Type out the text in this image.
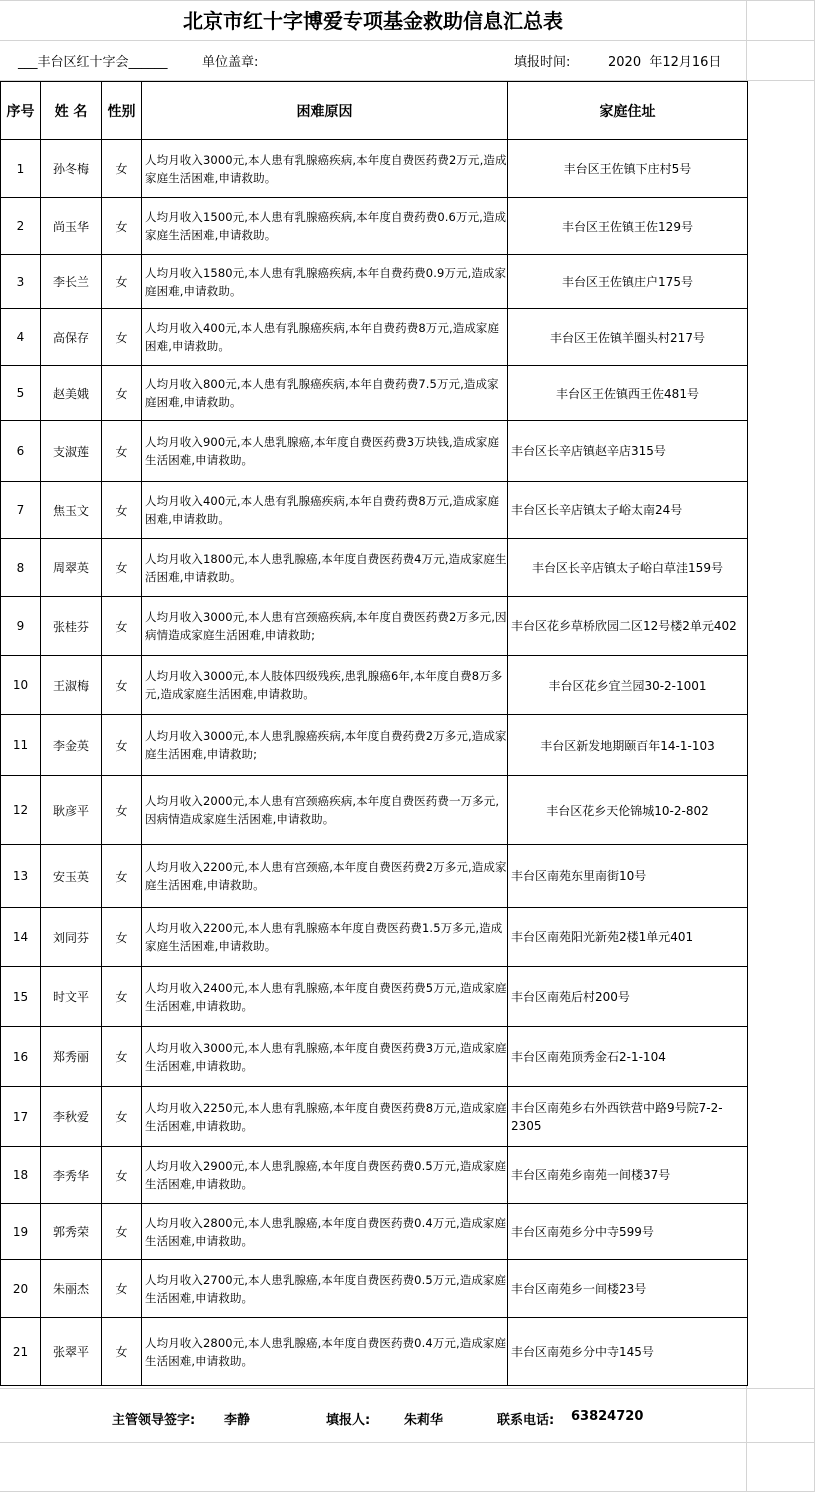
北京市红十字博爱专项基金救助信息汇总表
___丰台区红十字会______	单位盖章:	填报时间:	2020  年12月16日
序号	姓 名	性别	困难原因	家庭住址
1	孙冬梅	女	人均月收入3000元,本人患有乳腺癌疾病,本年度自费医药费2万元,造成家庭生活困难,申请救助。	丰台区王佐镇下庄村5号
2	尚玉华	女	人均月收入1500元,本人患有乳腺癌疾病,本年度自费药费0.6万元,造成家庭生活困难,申请救助。	丰台区王佐镇王佐129号
3	李长兰	女	人均月收入1580元,本人患有乳腺癌疾病,本年自费药费0.9万元,造成家庭困难,申请救助。	丰台区王佐镇庄户175号
4	高保存	女	人均月收入400元,本人患有乳腺癌疾病,本年自费药费8万元,造成家庭困难,申请救助。	丰台区王佐镇羊圈头村217号
5	赵美娥	女	人均月收入800元,本人患有乳腺癌疾病,本年自费药费7.5万元,造成家庭困难,申请救助。	丰台区王佐镇西王佐481号
6	支淑莲	女	人均月收入900元,本人患乳腺癌,本年度自费医药费3万块钱,造成家庭生活困难,申请救助。	丰台区长辛店镇赵辛店315号
7	焦玉文	女	人均月收入400元,本人患有乳腺癌疾病,本年自费药费8万元,造成家庭困难,申请救助。	丰台区长辛店镇太子峪太南24号
8	周翠英	女	人均月收入1800元,本人患乳腺癌,本年度自费医药费4万元,造成家庭生活困难,申请救助。	丰台区长辛店镇太子峪白草洼159号
9	张桂芬	女	人均月收入3000元,本人患有宫颈癌疾病,本年度自费医药费2万多元,因病情造成家庭生活困难,申请救助;	丰台区花乡草桥欣园二区12号楼2单元402
10	王淑梅	女	人均月收入3000元,本人肢体四级残疾,患乳腺癌6年,本年度自费8万多元,造成家庭生活困难,申请救助。	丰台区花乡宜兰园30-2-1001
11	李金英	女	人均月收入3000元,本人患乳腺癌疾病,本年度自费药费2万多元,造成家庭生活困难,申请救助;	丰台区新发地期颐百年14-1-103
12	耿彦平	女	人均月收入2000元,本人患有宫颈癌疾病,本年度自费医药费一万多元,因病情造成家庭生活困难,申请救助。	丰台区花乡天伦锦城10-2-802
13	安玉英	女	人均月收入2200元,本人患有宫颈癌,本年度自费医药费2万多元,造成家庭生活困难,申请救助。	丰台区南苑东里南街10号
14	刘同芬	女	人均月收入2200元,本人患有乳腺癌本年度自费医药费1.5万多元,造成家庭生活困难,申请救助。	丰台区南苑阳光新苑2楼1单元401
15	时文平	女	人均月收入2400元,本人患有乳腺癌,本年度自费医药费5万元,造成家庭生活困难,申请救助。	丰台区南苑后村200号
16	郑秀丽	女	人均月收入3000元,本人患有乳腺癌,本年度自费医药费3万元,造成家庭生活困难,申请救助。	丰台区南苑顶秀金石2-1-104
17	李秋爱	女	人均月收入2250元,本人患有乳腺癌,本年度自费医药费8万元,造成家庭生活困难,申请救助。	丰台区南苑乡右外西铁营中路9号院7-2-2305
18	李秀华	女	人均月收入2900元,本人患乳腺癌,本年度自费医药费0.5万元,造成家庭生活困难,申请救助。	丰台区南苑乡南苑一间楼37号
19	郭秀荣	女	人均月收入2800元,本人患乳腺癌,本年度自费医药费0.4万元,造成家庭生活困难,申请救助。	丰台区南苑乡分中寺599号
20	朱丽杰	女	人均月收入2700元,本人患乳腺癌,本年度自费医药费0.5万元,造成家庭生活困难,申请救助。	丰台区南苑乡一间楼23号
21	张翠平	女	人均月收入2800元,本人患乳腺癌,本年度自费医药费0.4万元,造成家庭生活困难,申请救助。	丰台区南苑乡分中寺145号
主管领导签字: 李静	填报人:	朱莉华	联系电话: 63824720
